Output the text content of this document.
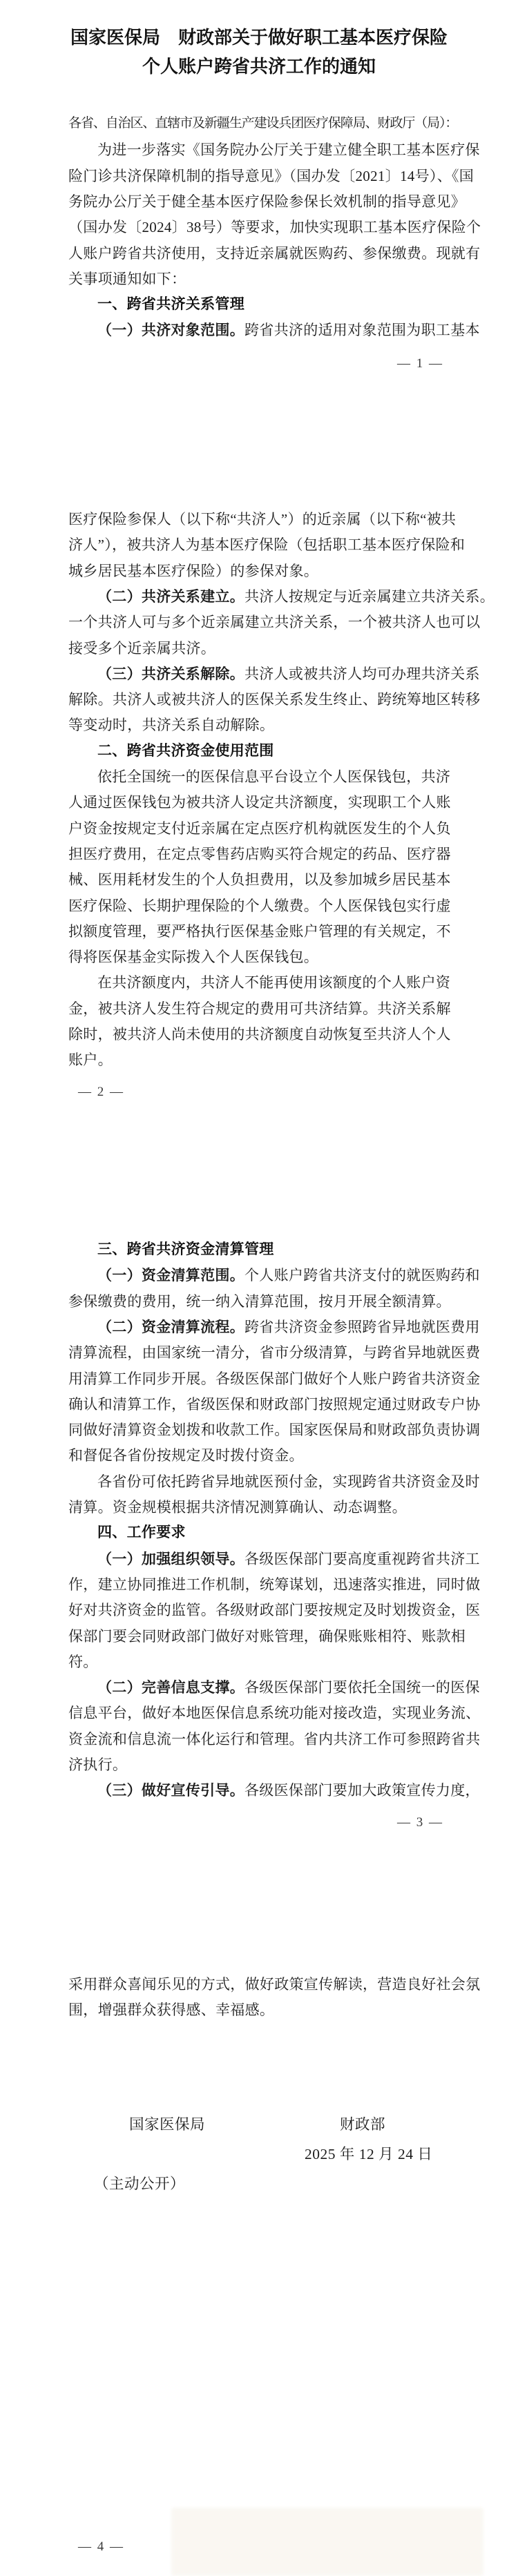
国家医保局　财政部关于做好职工基本医疗保险
个人账户跨省共济工作的通知
各省、自治区、直辖市及新疆生产建设兵团医疗保障局、财政厅（局）：
为进一步落实《国务院办公厅关于建立健全职工基本医疗保
险门诊共济保障机制的指导意见》（国办发〔2021〕14号）、《国
务院办公厅关于健全基本医疗保险参保长效机制的指导意见》
（国办发〔2024〕38号）等要求，加快实现职工基本医疗保险个
人账户跨省共济使用，支持近亲属就医购药、参保缴费。现就有
关事项通知如下：
一、跨省共济关系管理
（一）共济对象范围。跨省共济的适用对象范围为职工基本
医疗保险参保人（以下称“共济人”）的近亲属（以下称“被共
济人”），被共济人为基本医疗保险（包括职工基本医疗保险和
城乡居民基本医疗保险）的参保对象。
（二）共济关系建立。共济人按规定与近亲属建立共济关系。
一个共济人可与多个近亲属建立共济关系，一个被共济人也可以
接受多个近亲属共济。
（三）共济关系解除。共济人或被共济人均可办理共济关系
解除。共济人或被共济人的医保关系发生终止、跨统筹地区转移
等变动时，共济关系自动解除。
二、跨省共济资金使用范围
依托全国统一的医保信息平台设立个人医保钱包，共济
人通过医保钱包为被共济人设定共济额度，实现职工个人账
户资金按规定支付近亲属在定点医疗机构就医发生的个人负
担医疗费用，在定点零售药店购买符合规定的药品、医疗器
械、医用耗材发生的个人负担费用，以及参加城乡居民基本
医疗保险、长期护理保险的个人缴费。个人医保钱包实行虚
拟额度管理，要严格执行医保基金账户管理的有关规定，不
得将医保基金实际拨入个人医保钱包。
在共济额度内，共济人不能再使用该额度的个人账户资
金，被共济人发生符合规定的费用可共济结算。共济关系解
除时，被共济人尚未使用的共济额度自动恢复至共济人个人
账户。
三、跨省共济资金清算管理
（一）资金清算范围。个人账户跨省共济支付的就医购药和
参保缴费的费用，统一纳入清算范围，按月开展全额清算。
（二）资金清算流程。跨省共济资金参照跨省异地就医费用
清算流程，由国家统一清分，省市分级清算，与跨省异地就医费
用清算工作同步开展。各级医保部门做好个人账户跨省共济资金
确认和清算工作，省级医保和财政部门按照规定通过财政专户协
同做好清算资金划拨和收款工作。国家医保局和财政部负责协调
和督促各省份按规定及时拨付资金。
各省份可依托跨省异地就医预付金，实现跨省共济资金及时
清算。资金规模根据共济情况测算确认、动态调整。
四、工作要求
（一）加强组织领导。各级医保部门要高度重视跨省共济工
作，建立协同推进工作机制，统筹谋划，迅速落实推进，同时做
好对共济资金的监管。各级财政部门要按规定及时划拨资金，医
保部门要会同财政部门做好对账管理，确保账账相符、账款相
符。
（二）完善信息支撑。各级医保部门要依托全国统一的医保
信息平台，做好本地医保信息系统功能对接改造，实现业务流、
资金流和信息流一体化运行和管理。省内共济工作可参照跨省共
济执行。
（三）做好宣传引导。各级医保部门要加大政策宣传力度，
采用群众喜闻乐见的方式，做好政策宣传解读，营造良好社会氛
围，增强群众获得感、幸福感。
— 1 —
— 2 —
— 3 —
— 4 —
国家医保局	财政部
2025 年 12 月 24 日
（主动公开）
